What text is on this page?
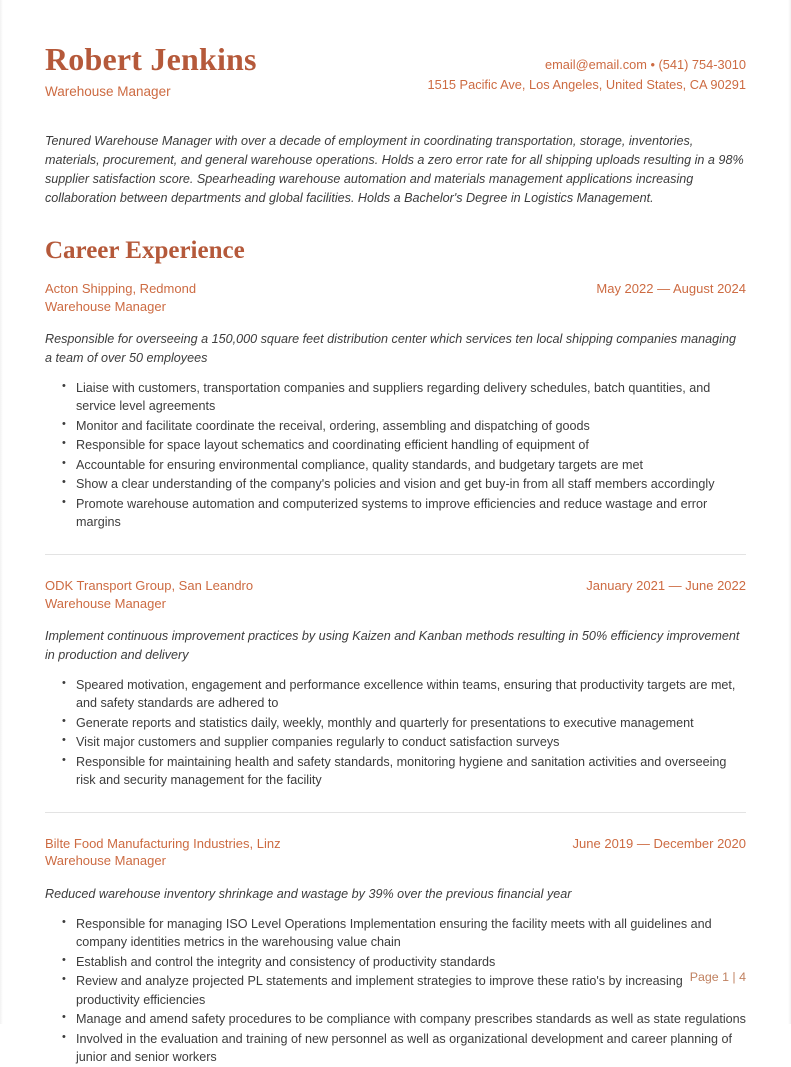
Robert Jenkins
Warehouse Manager
email@email.com • (541) 754-3010
1515 Pacific Ave, Los Angeles, United States, CA 90291
Tenured Warehouse Manager with over a decade of employment in coordinating transportation, storage, inventories, materials, procurement, and general warehouse operations. Holds a zero error rate for all shipping uploads resulting in a 98% supplier satisfaction score. Spearheading warehouse automation and materials management applications increasing collaboration between departments and global facilities. Holds a Bachelor's Degree in Logistics Management.
Career Experience
Acton Shipping, Redmond
Warehouse Manager
May 2022 — August 2024
Responsible for overseeing a 150,000 square feet distribution center which services ten local shipping companies managing a team of over 50 employees
• Liaise with customers, transportation companies and suppliers regarding delivery schedules, batch quantities, and service level agreements
• Monitor and facilitate coordinate the receival, ordering, assembling and dispatching of goods
• Responsible for space layout schematics and coordinating efficient handling of equipment of
• Accountable for ensuring environmental compliance, quality standards, and budgetary targets are met
• Show a clear understanding of the company's policies and vision and get buy-in from all staff members accordingly
• Promote warehouse automation and computerized systems to improve efficiencies and reduce wastage and error margins
ODK Transport Group, San Leandro
Warehouse Manager
January 2021 — June 2022
Implement continuous improvement practices by using Kaizen and Kanban methods resulting in 50% efficiency improvement in production and delivery
• Speared motivation, engagement and performance excellence within teams, ensuring that productivity targets are met, and safety standards are adhered to
• Generate reports and statistics daily, weekly, monthly and quarterly for presentations to executive management
• Visit major customers and supplier companies regularly to conduct satisfaction surveys
• Responsible for maintaining health and safety standards, monitoring hygiene and sanitation activities and overseeing risk and security management for the facility
Bilte Food Manufacturing Industries, Linz
Warehouse Manager
June 2019 — December 2020
Reduced warehouse inventory shrinkage and wastage by 39% over the previous financial year
• Responsible for managing ISO Level Operations Implementation ensuring the facility meets with all guidelines and company identities metrics in the warehousing value chain
• Establish and control the integrity and consistency of productivity standards
• Review and analyze projected PL statements and implement strategies to improve these ratio's by increasing productivity efficiencies
• Manage and amend safety procedures to be compliance with company prescribes standards as well as state regulations
• Involved in the evaluation and training of new personnel as well as organizational development and career planning of junior and senior workers
Page 1 | 4
